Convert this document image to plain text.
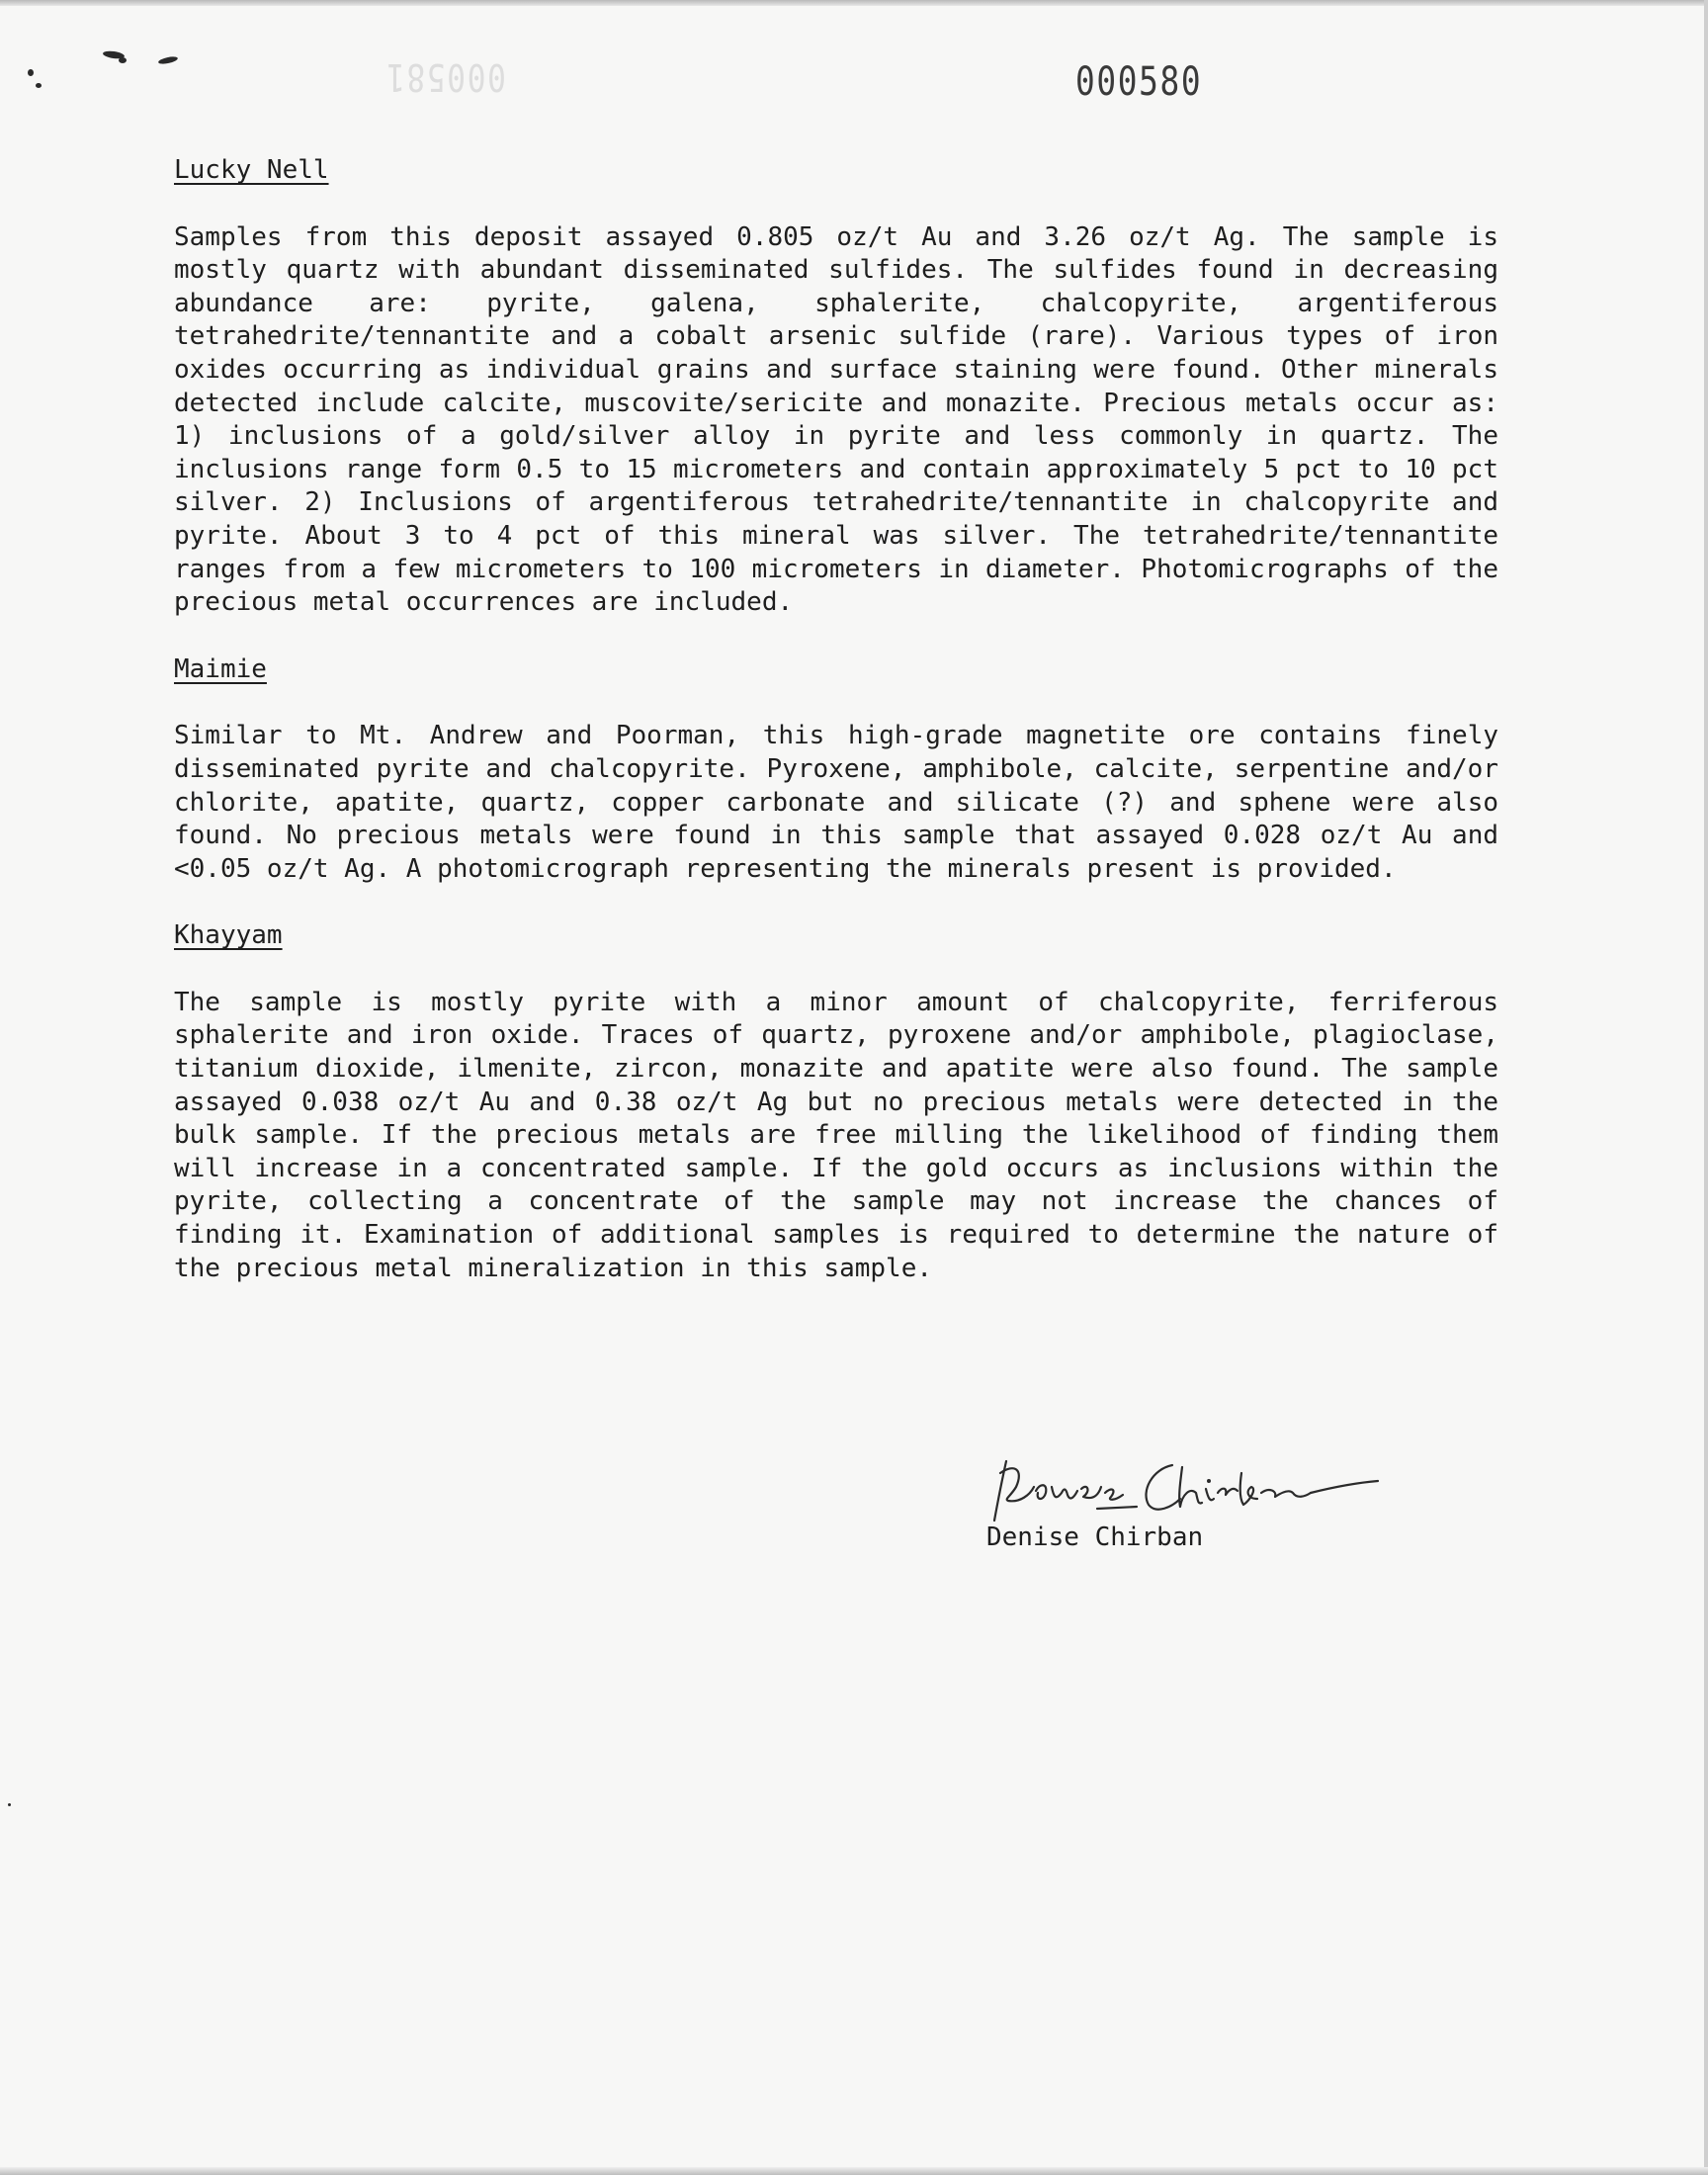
000581	000580
Lucky Nell

Samples from this deposit assayed 0.805 oz/t Au and 3.26 oz/t Ag. The sample is mostly quartz with abundant disseminated sulfides. The sulfides found in decreasing abundance are: pyrite, galena, sphalerite, chalcopyrite, argentiferous tetrahedrite/tennantite and a cobalt arsenic sulfide (rare). Various types of iron oxides occurring as individual grains and surface staining were found. Other minerals detected include calcite, muscovite/sericite and monazite. Precious metals occur as: 1) inclusions of a gold/silver alloy in pyrite and less commonly in quartz. The inclusions range form 0.5 to 15 micrometers and contain approximately 5 pct to 10 pct silver. 2) Inclusions of argentiferous tetrahedrite/tennantite in chalcopyrite and pyrite. About 3 to 4 pct of this mineral was silver. The tetrahedrite/tennantite ranges from a few micrometers to 100 micrometers in diameter. Photomicrographs of the precious metal occurrences are included.

Maimie

Similar to Mt. Andrew and Poorman, this high-grade magnetite ore contains finely disseminated pyrite and chalcopyrite. Pyroxene, amphibole, calcite, serpentine and/or chlorite, apatite, quartz, copper carbonate and silicate (?) and sphene were also found. No precious metals were found in this sample that assayed 0.028 oz/t Au and <0.05 oz/t Ag. A photomicrograph representing the minerals present is provided.

Khayyam

The sample is mostly pyrite with a minor amount of chalcopyrite, ferriferous sphalerite and iron oxide. Traces of quartz, pyroxene and/or amphibole, plagioclase, titanium dioxide, ilmenite, zircon, monazite and apatite were also found. The sample assayed 0.038 oz/t Au and 0.38 oz/t Ag but no precious metals were detected in the bulk sample. If the precious metals are free milling the likelihood of finding them will increase in a concentrated sample. If the gold occurs as inclusions within the pyrite, collecting a concentrate of the sample may not increase the chances of finding it. Examination of additional samples is required to determine the nature of the precious metal mineralization in this sample.

Denise Chirban
